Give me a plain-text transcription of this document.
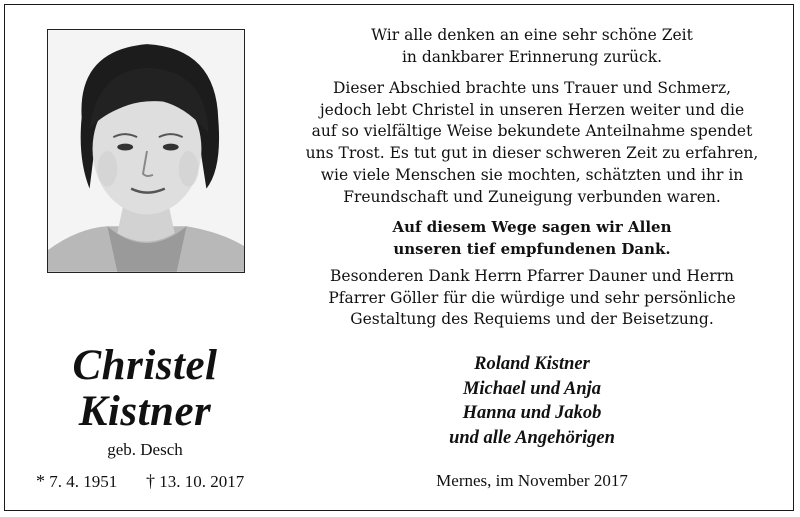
Christel
Kistner
geb. Desch
* 7. 4. 1951 † 13. 10. 2017
Wir alle denken an eine sehr schöne Zeit
in dankbarer Erinnerung zurück.
Dieser Abschied brachte uns Trauer und Schmerz,
jedoch lebt Christel in unseren Herzen weiter und die
auf so vielfältige Weise bekundete Anteilnahme spendet
uns Trost. Es tut gut in dieser schweren Zeit zu erfahren,
wie viele Menschen sie mochten, schätzten und ihr in
Freundschaft und Zuneigung verbunden waren.
Auf diesem Wege sagen wir Allen
unseren tief empfundenen Dank.
Besonderen Dank Herrn Pfarrer Dauner und Herrn
Pfarrer Göller für die würdige und sehr persönliche
Gestaltung des Requiems und der Beisetzung.
Roland Kistner
Michael und Anja
Hanna und Jakob
und alle Angehörigen
Mernes, im November 2017
